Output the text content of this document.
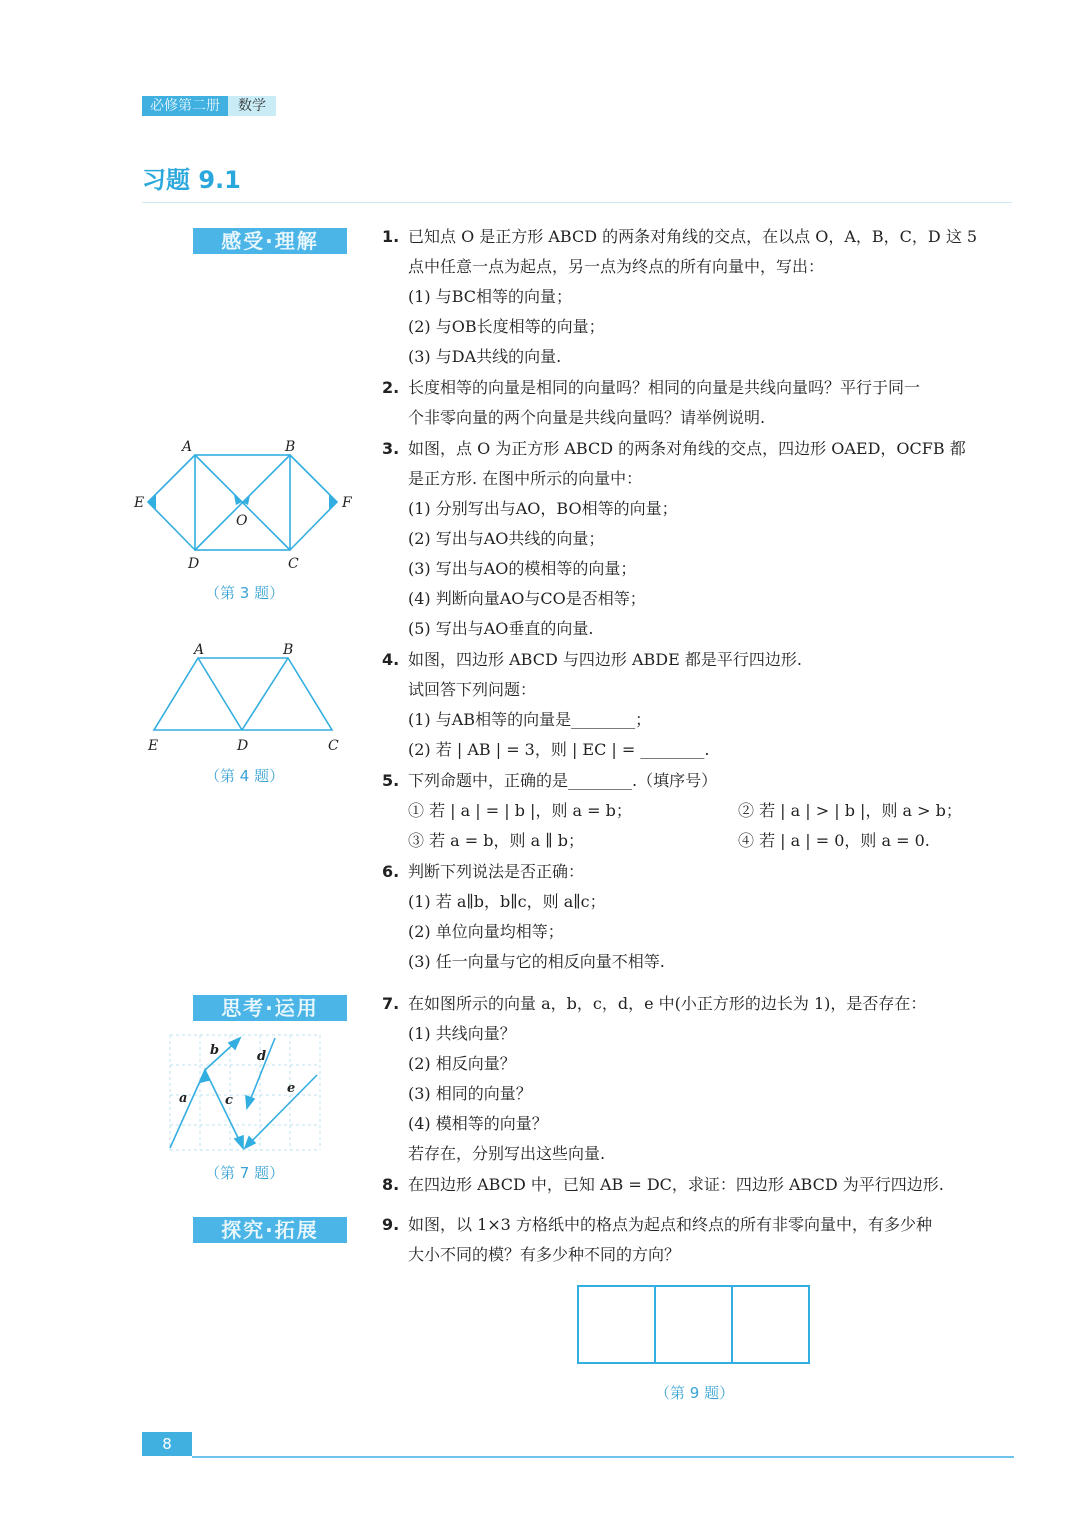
必修第二册	数学
习题 9.1
感受·理解
思考·运用
探究·拓展
A	B
C
D
E	F
O
（第 3 题）
A	B
C
D
E
（第 4 题）
a
b
c
d
e
（第 7 题）
1. 已知点 O 是正方形 ABCD 的两条对角线的交点，在以点 O，A，B，C，D 这 5
点中任意一点为起点，另一点为终点的所有向量中，写出：
(1) 与BC相等的向量；
(2) 与OB长度相等的向量；
(3) 与DA共线的向量.
2. 长度相等的向量是相同的向量吗？相同的向量是共线向量吗？平行于同一
个非零向量的两个向量是共线向量吗？请举例说明.
3. 如图，点 O 为正方形 ABCD 的两条对角线的交点，四边形 OAED，OCFB 都
是正方形. 在图中所示的向量中：
(1) 分别写出与AO，BO相等的向量；
(2) 写出与AO共线的向量；
(3) 写出与AO的模相等的向量；
(4) 判断向量AO与CO是否相等；
(5) 写出与AO垂直的向量.
4. 如图，四边形 ABCD 与四边形 ABDE 都是平行四边形.
试回答下列问题：
(1) 与AB相等的向量是________；
(2) 若 | AB | = 3，则 | EC | = ________.
5. 下列命题中，正确的是________.（填序号）
① 若 | a | = | b |，则 a = b；	② 若 | a | > | b |，则 a > b；
③ 若 a = b，则 a ∥ b；	④ 若 | a | = 0，则 a = 0.
6. 判断下列说法是否正确：
(1) 若 a∥b，b∥c，则 a∥c；
(2) 单位向量均相等；
(3) 任一向量与它的相反向量不相等.
7. 在如图所示的向量 a，b，c，d，e 中(小正方形的边长为 1)，是否存在：
(1) 共线向量？
(2) 相反向量？
(3) 相同的向量？
(4) 模相等的向量？
若存在，分别写出这些向量.
8. 在四边形 ABCD 中，已知 AB = DC，求证：四边形 ABCD 为平行四边形.
9. 如图，以 1×3 方格纸中的格点为起点和终点的所有非零向量中，有多少种
大小不同的模？有多少种不同的方向？
（第 9 题）
8
